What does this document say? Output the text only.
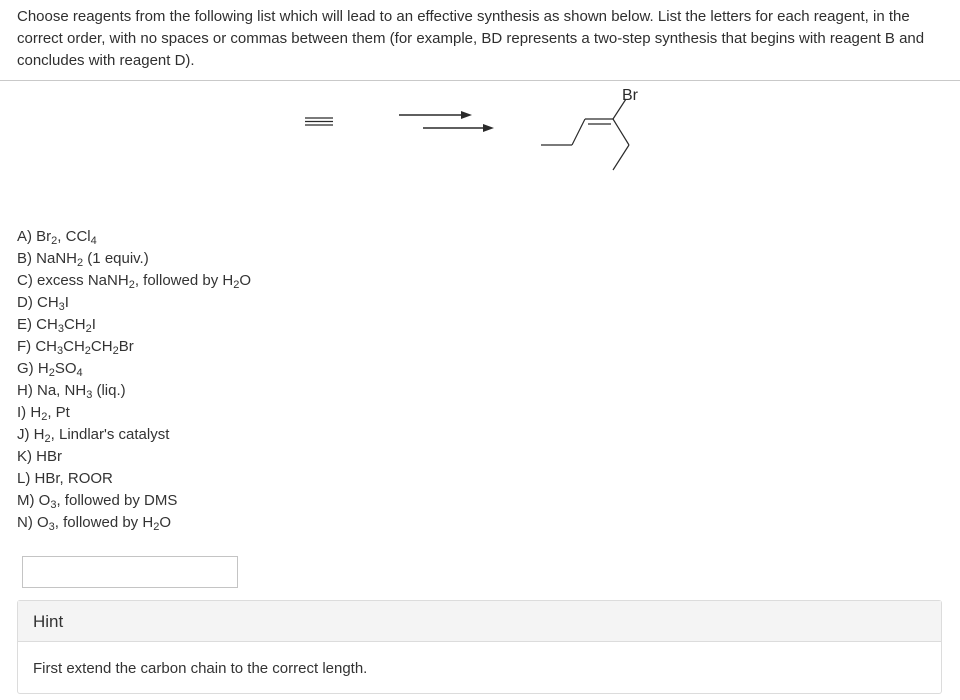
Choose reagents from the following list which will lead to an effective synthesis as shown below. List the letters for each reagent, in the correct order, with no spaces or commas between them (for example, BD represents a two-step synthesis that begins with reagent B and concludes with reagent D).
Br
A) $Br_2$, CCl$_4$
B) NaNH$_2$ (1 equiv.)
C) excess NaNH$_2$, followed by $H_2O$
D) $CH_3I$
E) $CH_3CH_2I$
F) $CH_3CH_2CH_2Br$
G) $H_2SO_4$
H) Na, $NH_3$ (liq.)
I) $H_2$, Pt
J) $H_2$, Lindlar's catalyst
K) HBr
L) HBr, ROOR
M) $O_3$, followed by DMS
N) $O_3$, followed by $H_2O$
Hint
First extend the carbon chain to the correct length.
